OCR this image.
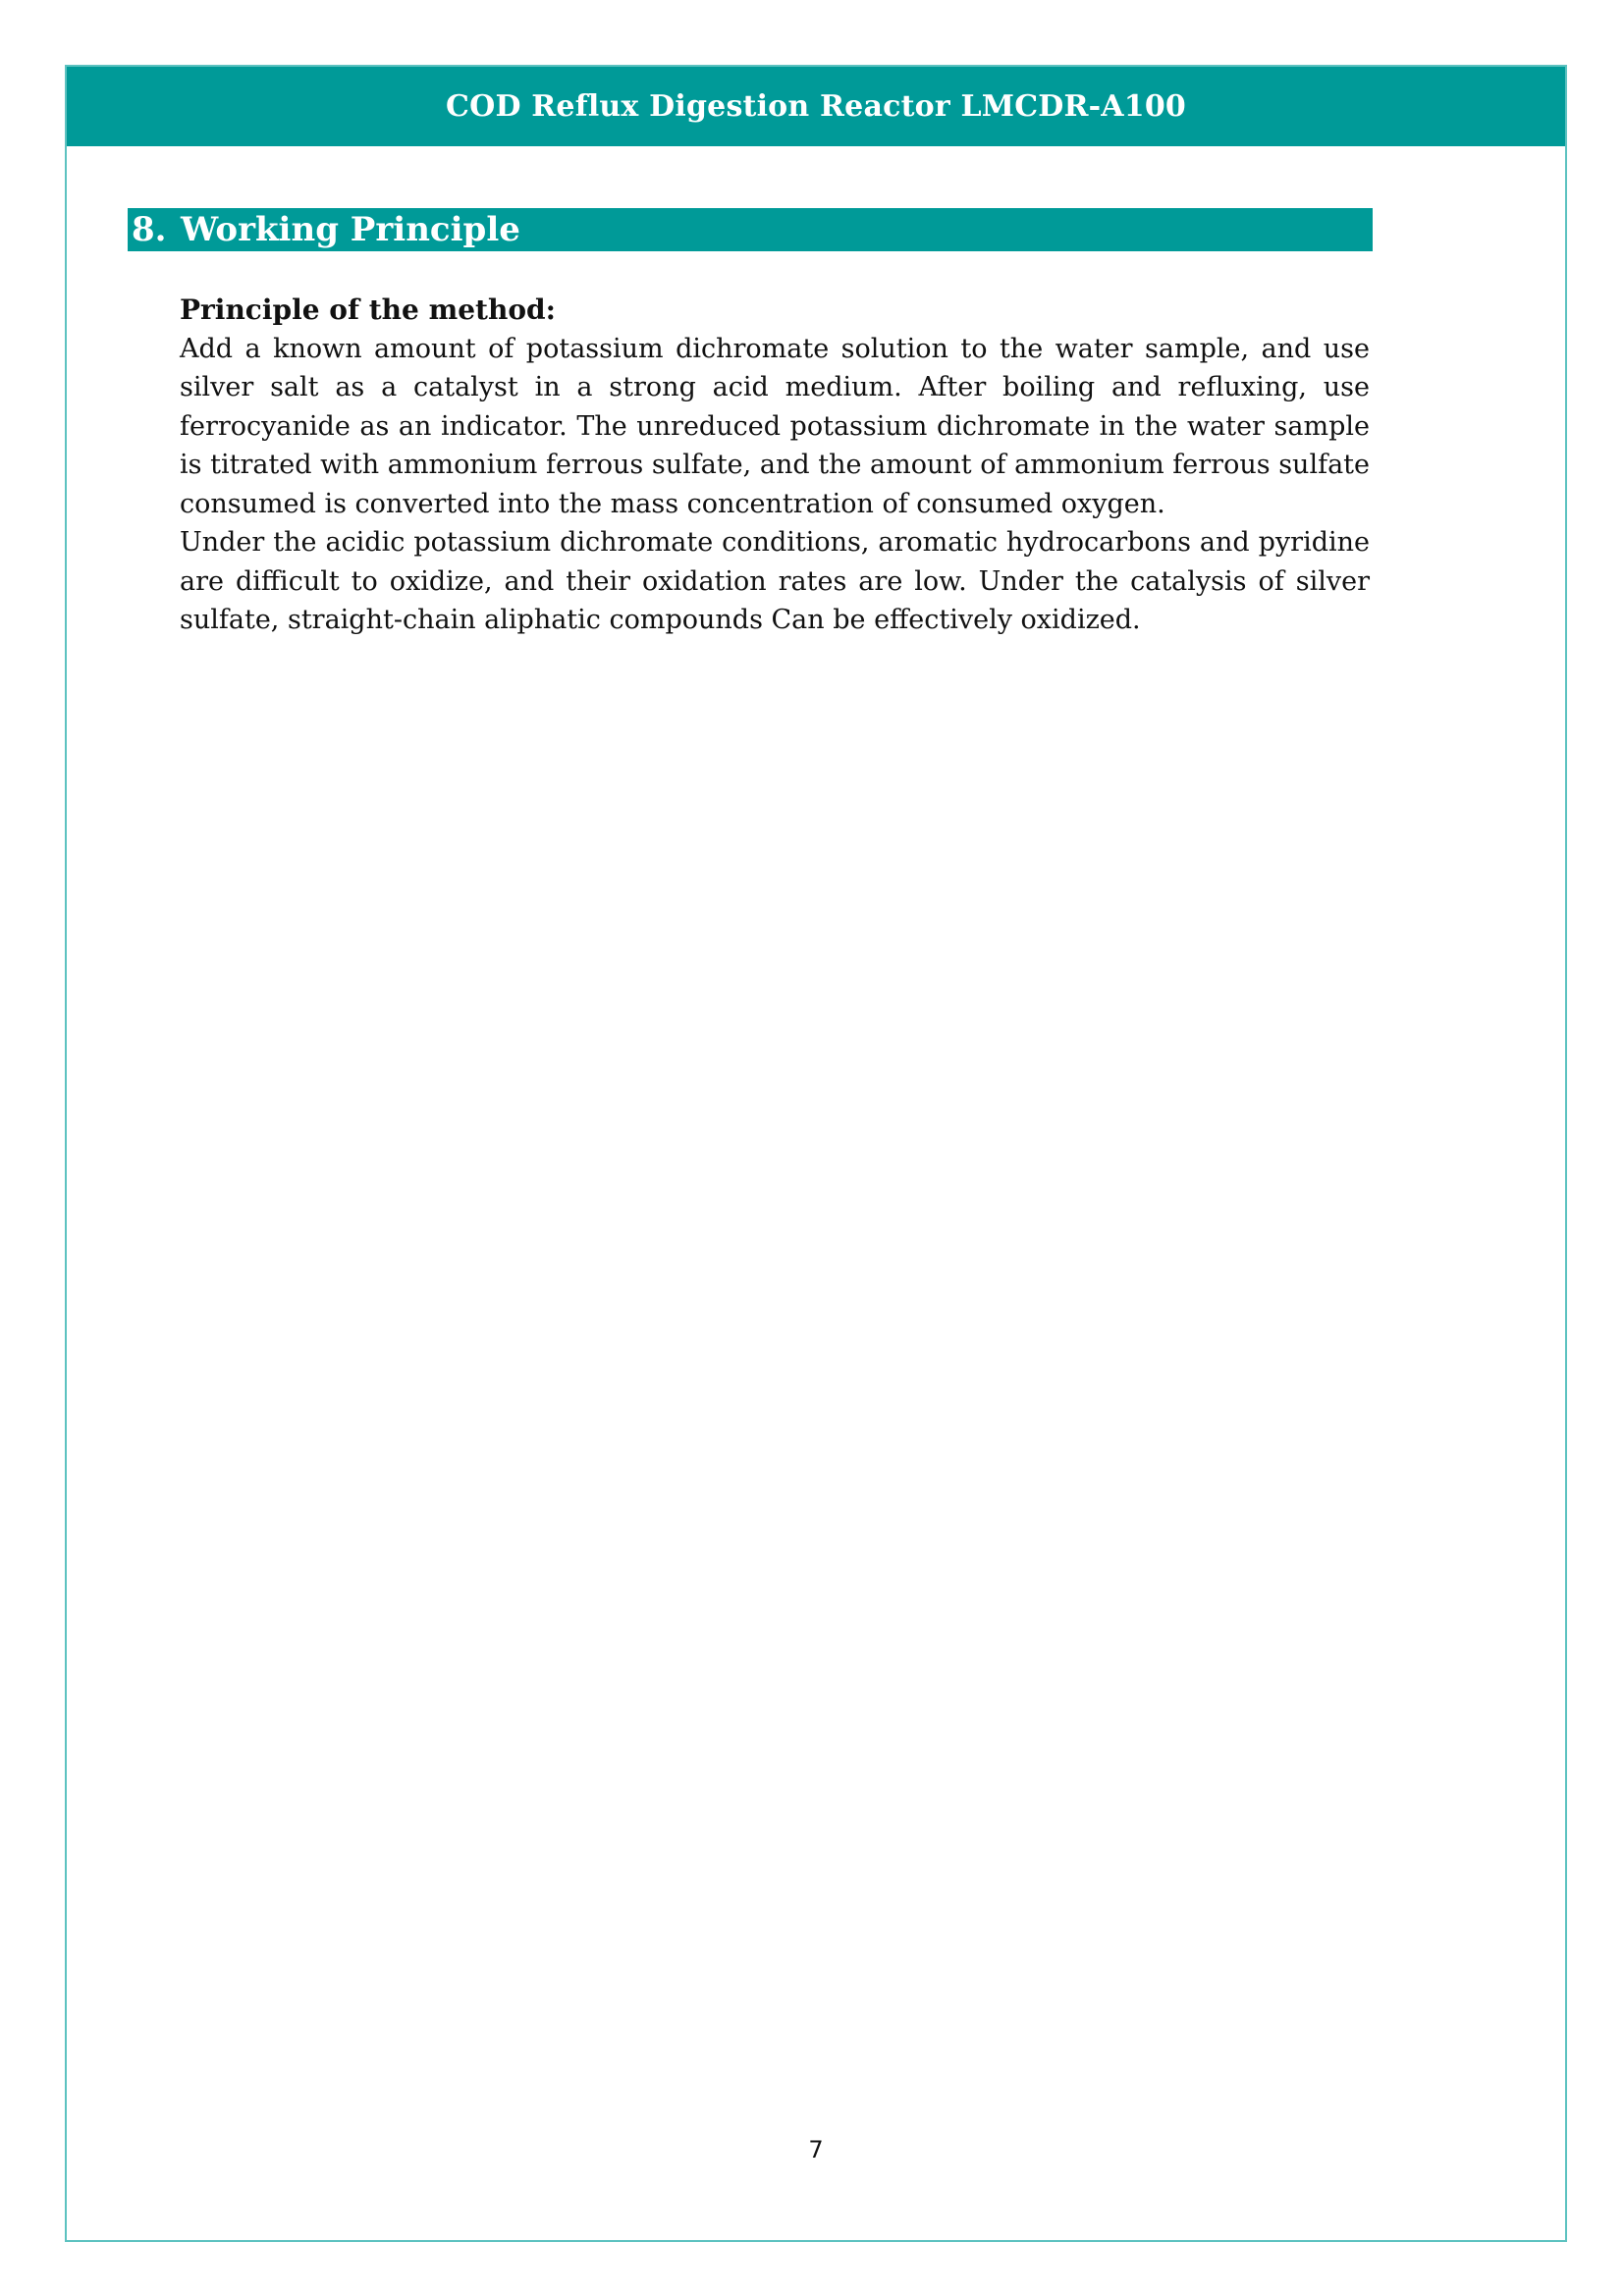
COD Reflux Digestion Reactor LMCDR-A100
7
8. Working Principle

Principle of the method:

Add a known amount of potassium dichromate solution to the water sample, and use silver salt as a catalyst in a strong acid medium. After boiling and refluxing, use ferrocyanide as an indicator. The unreduced potassium dichromate in the water sample is titrated with ammonium ferrous sulfate, and the amount of ammonium ferrous sulfate consumed is converted into the mass concentration of consumed oxygen.

Under the acidic potassium dichromate conditions, aromatic hydrocarbons and pyridine are difficult to oxidize, and their oxidation rates are low. Under the catalysis of silver sulfate, straight-chain aliphatic compounds Can be effectively oxidized.
